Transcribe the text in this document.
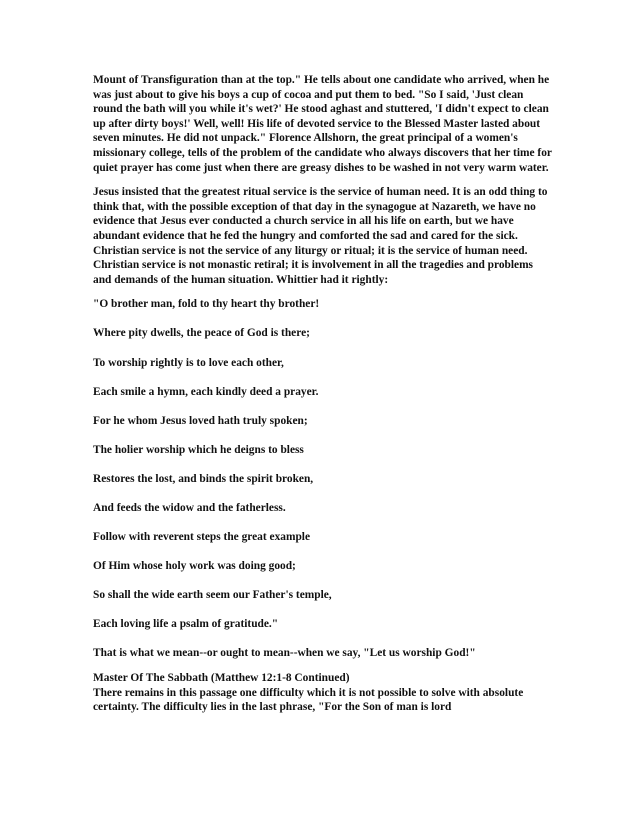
Mount of Transfiguration than at the top." He tells about one candidate who arrived, when he was just about to give his boys a cup of cocoa and put them to bed. "So I said, 'Just clean round the bath will you while it's wet?' He stood aghast and stuttered, 'I didn't expect to clean up after dirty boys!' Well, well! His life of devoted service to the Blessed Master lasted about seven minutes. He did not unpack." Florence Allshorn, the great principal of a women's missionary college, tells of the problem of the candidate who always discovers that her time for quiet prayer has come just when there are greasy dishes to be washed in not very warm water.

Jesus insisted that the greatest ritual service is the service of human need. It is an odd thing to think that, with the possible exception of that day in the synagogue at Nazareth, we have no evidence that Jesus ever conducted a church service in all his life on earth, but we have abundant evidence that he fed the hungry and comforted the sad and cared for the sick. Christian service is not the service of any liturgy or ritual; it is the service of human need. Christian service is not monastic retiral; it is involvement in all the tragedies and problems and demands of the human situation. Whittier had it rightly:

"O brother man, fold to thy heart thy brother!

Where pity dwells, the peace of God is there;

To worship rightly is to love each other,

Each smile a hymn, each kindly deed a prayer.

For he whom Jesus loved hath truly spoken;

The holier worship which he deigns to bless

Restores the lost, and binds the spirit broken,

And feeds the widow and the fatherless.

Follow with reverent steps the great example

Of Him whose holy work was doing good;

So shall the wide earth seem our Father's temple,

Each loving life a psalm of gratitude."

That is what we mean--or ought to mean--when we say, "Let us worship God!"

Master Of The Sabbath (Matthew 12:1-8 Continued)

There remains in this passage one difficulty which it is not possible to solve with absolute certainty. The difficulty lies in the last phrase, "For the Son of man is lord
